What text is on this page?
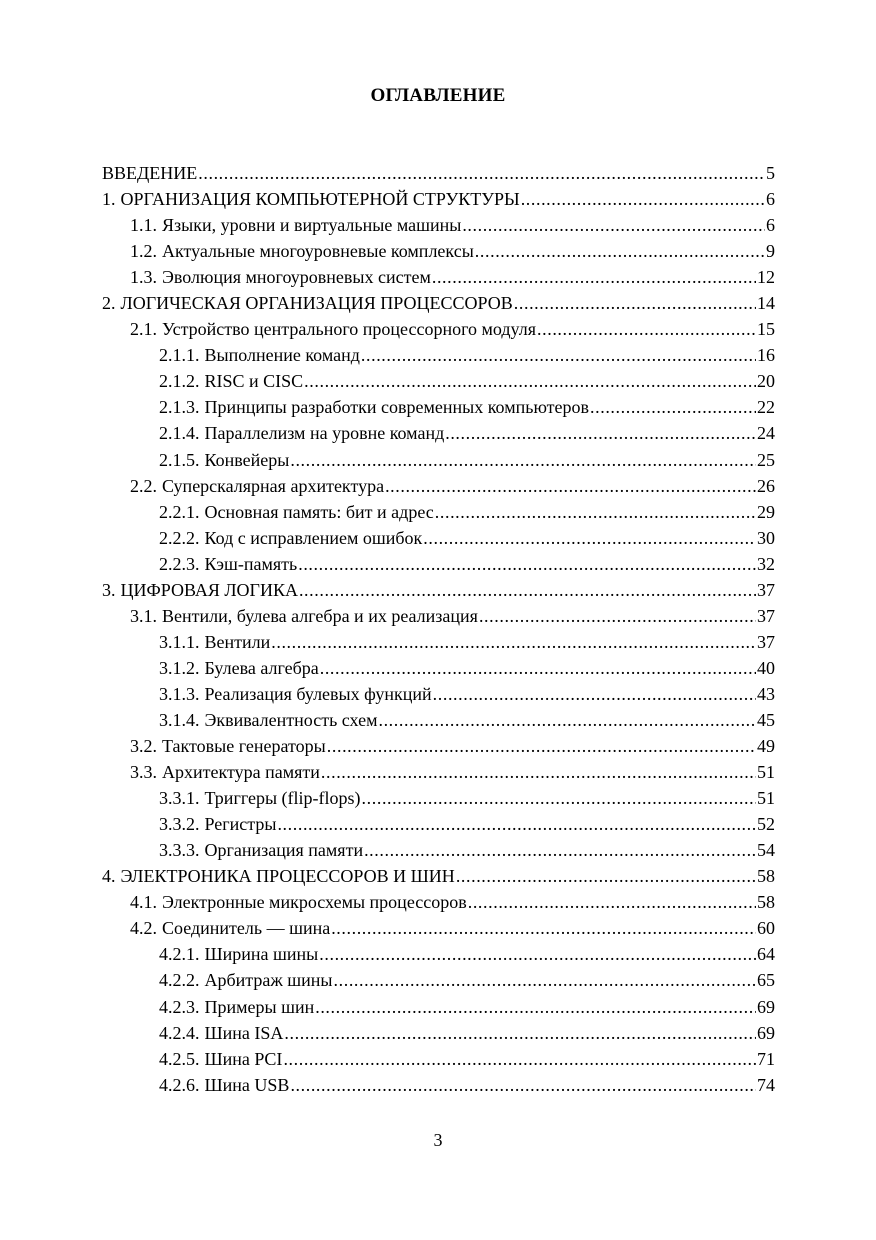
ОГЛАВЛЕНИЕ
ВВЕДЕНИЕ .....	5
1. ОРГАНИЗАЦИЯ КОМПЬЮТЕРНОЙ СТРУКТУРЫ .....	6
1.1. Языки, уровни и виртуальные машины .....	6
1.2. Актуальные многоуровневые комплексы .....	9
1.3. Эволюция многоуровневых систем .....	12
2. ЛОГИЧЕСКАЯ ОРГАНИЗАЦИЯ ПРОЦЕССОРОВ .....	14
2.1. Устройство центрального процессорного модуля .....	15
2.1.1. Выполнение команд .....	16
2.1.2. RISC и CISC .....	20
2.1.3. Принципы разработки современных компьютеров .....	22
2.1.4. Параллелизм на уровне команд .....	24
2.1.5. Конвейеры .....	25
2.2. Суперскалярная архитектура .....	26
2.2.1. Основная память: бит и адрес .....	29
2.2.2. Код с исправлением ошибок .....	30
2.2.3. Кэш-память .....	32
3. ЦИФРОВАЯ ЛОГИКА .....	37
3.1. Вентили, булева алгебра и их реализация .....	37
3.1.1. Вентили .....	37
3.1.2. Булева алгебра .....	40
3.1.3. Реализация булевых функций .....	43
3.1.4. Эквивалентность схем .....	45
3.2. Тактовые генераторы .....	49
3.3. Архитектура памяти .....	51
3.3.1. Триггеры (flip-flops) .....	51
3.3.2. Регистры .....	52
3.3.3. Организация памяти .....	54
4. ЭЛЕКТРОНИКА ПРОЦЕССОРОВ И ШИН .....	58
4.1. Электронные микросхемы процессоров .....	58
4.2. Соединитель — шина .....	60
4.2.1. Ширина шины .....	64
4.2.2. Арбитраж шины .....	65
4.2.3. Примеры шин .....	69
4.2.4. Шина ISA .....	69
4.2.5. Шина PCI .....	71
4.2.6. Шина USB .....	74
3
